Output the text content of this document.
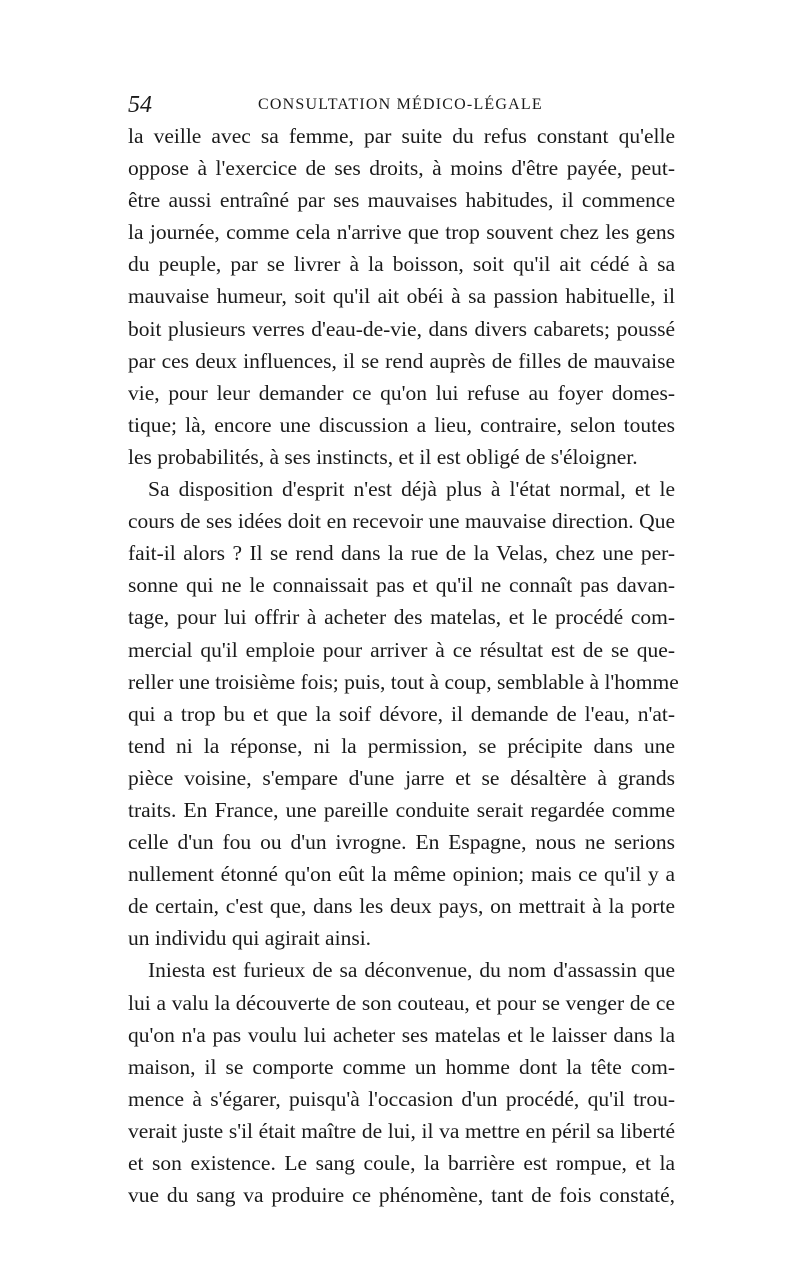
54	CONSULTATION MÉDICO-LÉGALE
la veille avec sa femme, par suite du refus constant qu'elle
oppose à l'exercice de ses droits, à moins d'être payée, peut-
être aussi entraîné par ses mauvaises habitudes, il commence
la journée, comme cela n'arrive que trop souvent chez les gens
du peuple, par se livrer à la boisson, soit qu'il ait cédé à sa
mauvaise humeur, soit qu'il ait obéi à sa passion habituelle, il
boit plusieurs verres d'eau-de-vie, dans divers cabarets; poussé
par ces deux influences, il se rend auprès de filles de mauvaise
vie, pour leur demander ce qu'on lui refuse au foyer domes-
tique; là, encore une discussion a lieu, contraire, selon toutes
les probabilités, à ses instincts, et il est obligé de s'éloigner.
Sa disposition d'esprit n'est déjà plus à l'état normal, et le
cours de ses idées doit en recevoir une mauvaise direction. Que
fait-il alors ? Il se rend dans la rue de la Velas, chez une per-
sonne qui ne le connaissait pas et qu'il ne connaît pas davan-
tage, pour lui offrir à acheter des matelas, et le procédé com-
mercial qu'il emploie pour arriver à ce résultat est de se que-
reller une troisième fois; puis, tout à coup, semblable à l'homme
qui a trop bu et que la soif dévore, il demande de l'eau, n'at-
tend ni la réponse, ni la permission, se précipite dans une
pièce voisine, s'empare d'une jarre et se désaltère à grands
traits. En France, une pareille conduite serait regardée comme
celle d'un fou ou d'un ivrogne. En Espagne, nous ne serions
nullement étonné qu'on eût la même opinion; mais ce qu'il y a
de certain, c'est que, dans les deux pays, on mettrait à la porte
un individu qui agirait ainsi.
Iniesta est furieux de sa déconvenue, du nom d'assassin que
lui a valu la découverte de son couteau, et pour se venger de ce
qu'on n'a pas voulu lui acheter ses matelas et le laisser dans la
maison, il se comporte comme un homme dont la tête com-
mence à s'égarer, puisqu'à l'occasion d'un procédé, qu'il trou-
verait juste s'il était maître de lui, il va mettre en péril sa liberté
et son existence. Le sang coule, la barrière est rompue, et la
vue du sang va produire ce phénomène, tant de fois constaté,
